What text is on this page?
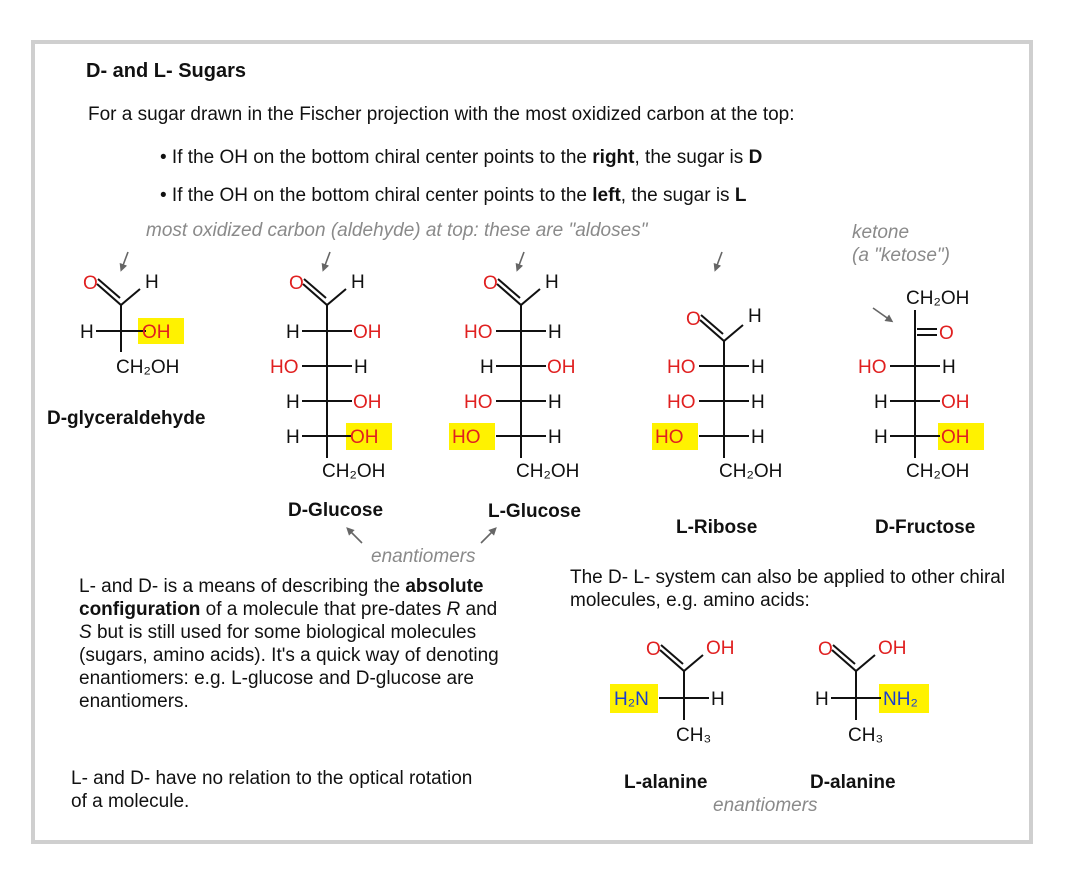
D- and L- Sugars
For a sugar drawn in the Fischer projection with the most oxidized carbon at the top:
• If the OH on the bottom chiral center points to the right, the sugar is D
• If the OH on the bottom chiral center points to the left, the sugar is L
most oxidized carbon (aldehyde) at top: these are "aldoses"	ketone
(a "ketose")
O H
H	OH
CH₂OH
O H
H	OH
HO	H
H	OH
H	OH
CH₂OH
O H
HO	H
H	OH
HO	H
HO	H
CH₂OH
O H
HO	H
HO	H
HO	H
CH₂OH
CH₂OH
O
HO	H
H	OH
H	OH
CH₂OH
O OH
H₂N	H
CH₃
O OH
H	NH₂
CH₃
D-glyceraldehyde
D-Glucose	L-Glucose
L-Ribose	D-Fructose
L-alanine	D-alanine
enantiomers
enantiomers
L- and D- is a means of describing the absolute configuration of a molecule that pre-dates R and S but is still used for some biological molecules (sugars, amino acids). It's a quick way of denoting enantiomers: e.g. L-glucose and D-glucose are enantiomers.
L- and D- have no relation to the optical rotation of a molecule.
The D- L- system can also be applied to other chiral molecules, e.g. amino acids:
